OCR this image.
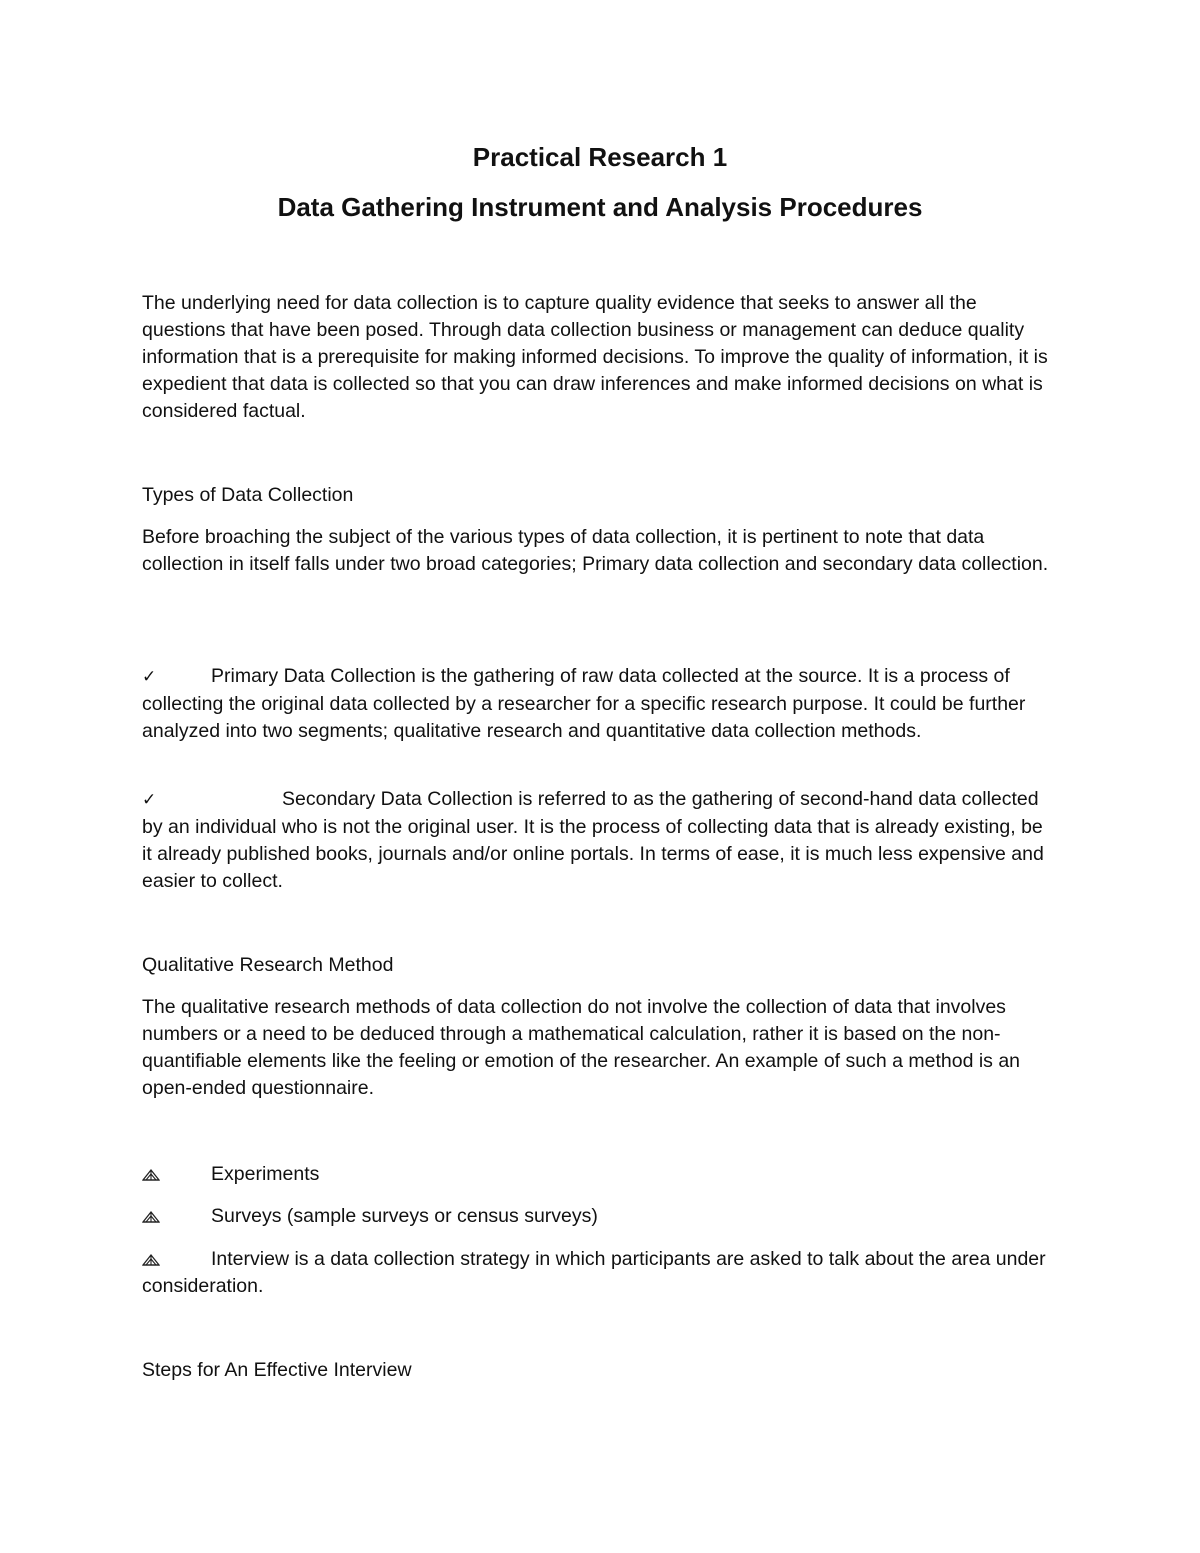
Practical Research 1
Data Gathering Instrument and Analysis Procedures

The underlying need for data collection is to capture quality evidence that seeks to answer all the questions that have been posed. Through data collection business or management can deduce quality information that is a prerequisite for making informed decisions. To improve the quality of information, it is expedient that data is collected so that you can draw inferences and make informed decisions on what is considered factual.

Types of Data Collection

Before broaching the subject of the various types of data collection, it is pertinent to note that data collection in itself falls under two broad categories; Primary data collection and secondary data collection.

✓	Primary Data Collection is the gathering of raw data collected at the source. It is a process of collecting the original data collected by a researcher for a specific research purpose. It could be further analyzed into two segments; qualitative research and quantitative data collection methods.

✓	Secondary Data Collection is referred to as the gathering of second-hand data collected by an individual who is not the original user. It is the process of collecting data that is already existing, be it already published books, journals and/or online portals. In terms of ease, it is much less expensive and easier to collect.

Qualitative Research Method

The qualitative research methods of data collection do not involve the collection of data that involves numbers or a need to be deduced through a mathematical calculation, rather it is based on the non-quantifiable elements like the feeling or emotion of the researcher. An example of such a method is an open-ended questionnaire.

Experiments

Surveys (sample surveys or census surveys)

Interview is a data collection strategy in which participants are asked to talk about the area under consideration.

Steps for An Effective Interview
